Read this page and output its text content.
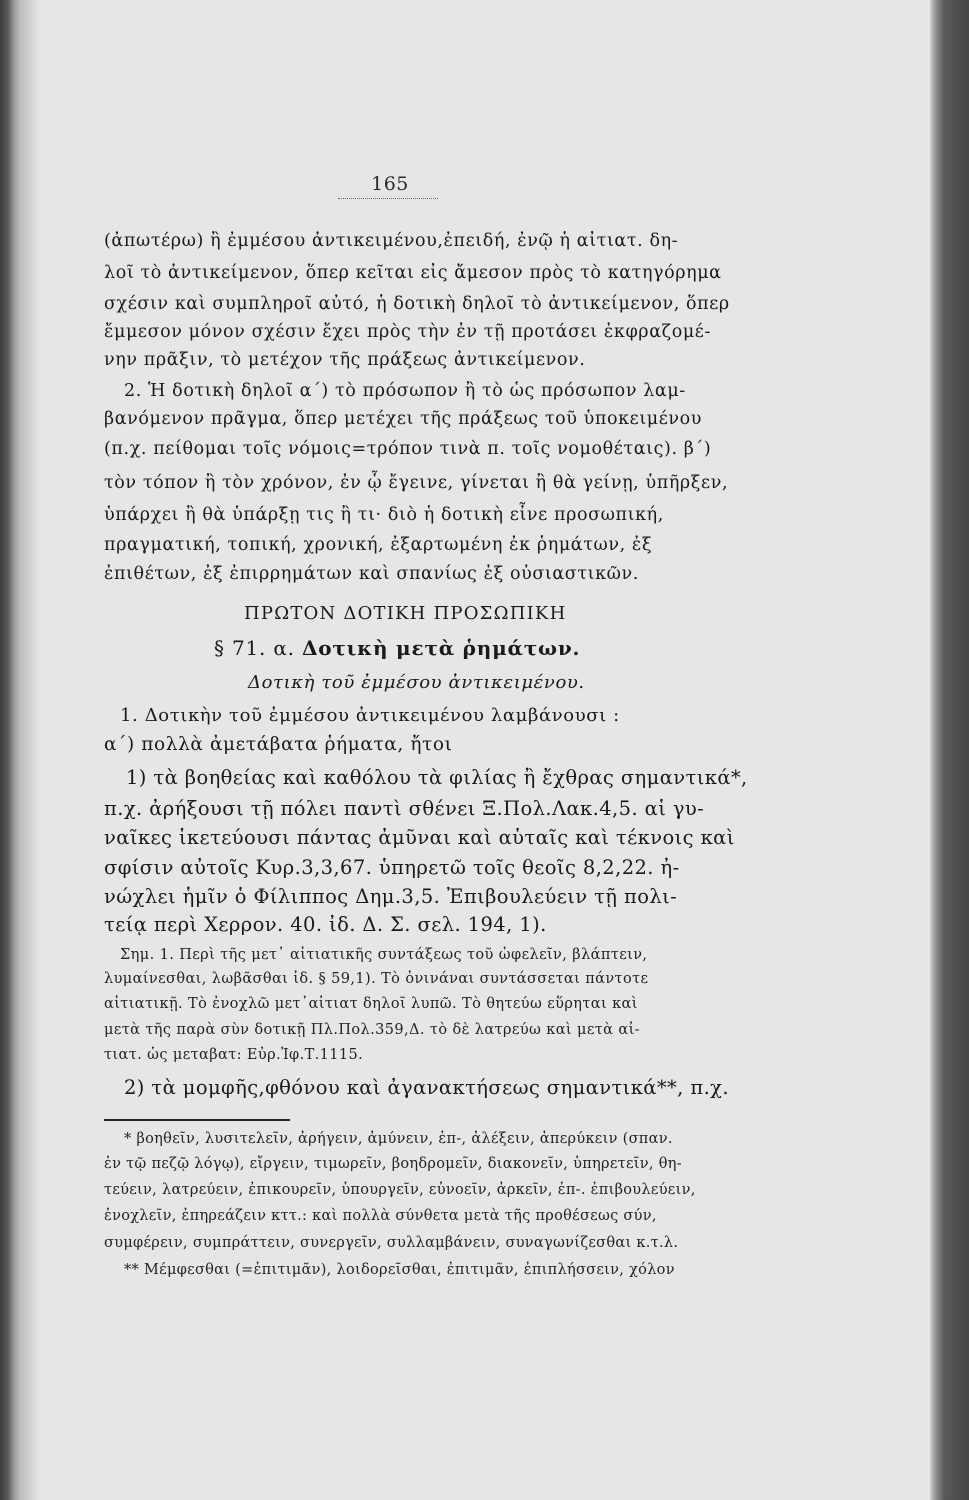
165
(ἀπωτέρω) ἢ ἐμμέσου ἀντικειμένου,ἐπειδή, ἐνῷ ἡ αἰτιατ. δη-
λοῖ τὸ ἀντικείμενον, ὅπερ κεῖται εἰς ἄμεσον πρὸς τὸ κατηγόρημα
σχέσιν καὶ συμπληροῖ αὐτό, ἡ δοτικὴ δηλοῖ τὸ ἀντικείμενον, ὅπερ
ἔμμεσον μόνον σχέσιν ἔχει πρὸς τὴν ἐν τῇ προτάσει ἐκφραζομέ-
νην πρᾶξιν, τὸ μετέχον τῆς πράξεως ἀντικείμενον.
2. Ἡ δοτικὴ δηλοῖ α΄) τὸ πρόσωπον ἢ τὸ ὡς πρόσωπον λαμ-
βανόμενον πρᾶγμα, ὅπερ μετέχει τῆς πράξεως τοῦ ὑποκειμένου
(π.χ. πείθομαι τοῖς νόμοις=τρόπον τινὰ π. τοῖς νομοθέταις). β΄)
τὸν τόπον ἢ τὸν χρόνον, ἐν ᾧ ἔγεινε, γίνεται ἢ θὰ γείνῃ, ὑπῆρξεν,
ὑπάρχει ἢ θὰ ὑπάρξῃ τις ἢ τι· διὸ ἡ δοτικὴ εἶνε προσωπική,
πραγματική, τοπική, χρονική, ἐξαρτωμένη ἐκ ῥημάτων, ἐξ
ἐπιθέτων, ἐξ ἐπιρρημάτων καὶ σπανίως ἐξ οὐσιαστικῶν.
ΠΡΩΤΟΝ ΔΟΤΙΚΗ ΠΡΟΣΩΠΙΚΗ
§ 71. α. Δοτικὴ μετὰ ῥημάτων.
Δοτικὴ τοῦ ἐμμέσου ἀντικειμένου.
1. Δοτικὴν τοῦ ἐμμέσου ἀντικειμένου λαμβάνουσι :
α΄) πολλὰ ἀμετάβατα ῥήματα, ἤτοι
1) τὰ βοηθείας καὶ καθόλου τὰ φιλίας ἢ ἔχθρας σημαντικά*,
π.χ. ἀρήξουσι τῇ πόλει παντὶ σθένει Ξ.Πολ.Λακ.4,5. αἱ γυ-
ναῖκες ἱκετεύουσι πάντας ἀμῦναι καὶ αὑταῖς καὶ τέκνοις καὶ
σφίσιν αὐτοῖς Κυρ.3,3,67. ὑπηρετῶ τοῖς θεοῖς 8,2,22. ἠ-
νώχλει ἡμῖν ὁ Φίλιππος Δημ.3,5. Ἐπιβουλεύειν τῇ πολι-
τείᾳ περὶ Χερρον. 40. ἰδ. Δ. Σ. σελ. 194, 1).
Σημ. 1. Περὶ τῆς μετ᾽ αἰτιατικῆς συντάξεως τοῦ ὠφελεῖν, βλάπτειν,
λυμαίνεσθαι, λωβᾶσθαι ἰδ. § 59,1). Τὸ ὀνινάναι συντάσσεται πάντοτε
αἰτιατικῇ. Τὸ ἐνοχλῶ μετ᾽αἰτιατ δηλοῖ λυπῶ. Τὸ θητεύω εὕρηται καὶ
μετὰ τῆς παρὰ σὺν δοτικῇ Πλ.Πολ.359,Δ. τὸ δὲ λατρεύω καὶ μετὰ αἰ-
τιατ. ὡς μεταβατ: Εὐρ.Ἰφ.Τ.1115.
2) τὰ μομφῆς,φθόνου καὶ ἀγανακτήσεως σημαντικά**, π.χ.
* βοηθεῖν, λυσιτελεῖν, ἀρήγειν, ἀμύνειν, ἐπ-, ἀλέξειν, ἀπερύκειν (σπαν.
ἐν τῷ πεζῷ λόγῳ), εἴργειν, τιμωρεῖν, βοηδρομεῖν, διακονεῖν, ὑπηρετεῖν, θη-
τεύειν, λατρεύειν, ἐπικουρεῖν, ὑπουργεῖν, εὐνοεῖν, ἀρκεῖν, ἐπ-. ἐπιβουλεύειν,
ἐνοχλεῖν, ἐπηρεάζειν κττ.: καὶ πολλὰ σύνθετα μετὰ τῆς προθέσεως σύν,
συμφέρειν, συμπράττειν, συνεργεῖν, συλλαμβάνειν, συναγωνίζεσθαι κ.τ.λ.
** Μέμφεσθαι (=ἐπιτιμᾶν), λοιδορεῖσθαι, ἐπιτιμᾶν, ἐπιπλήσσειν, χόλον
